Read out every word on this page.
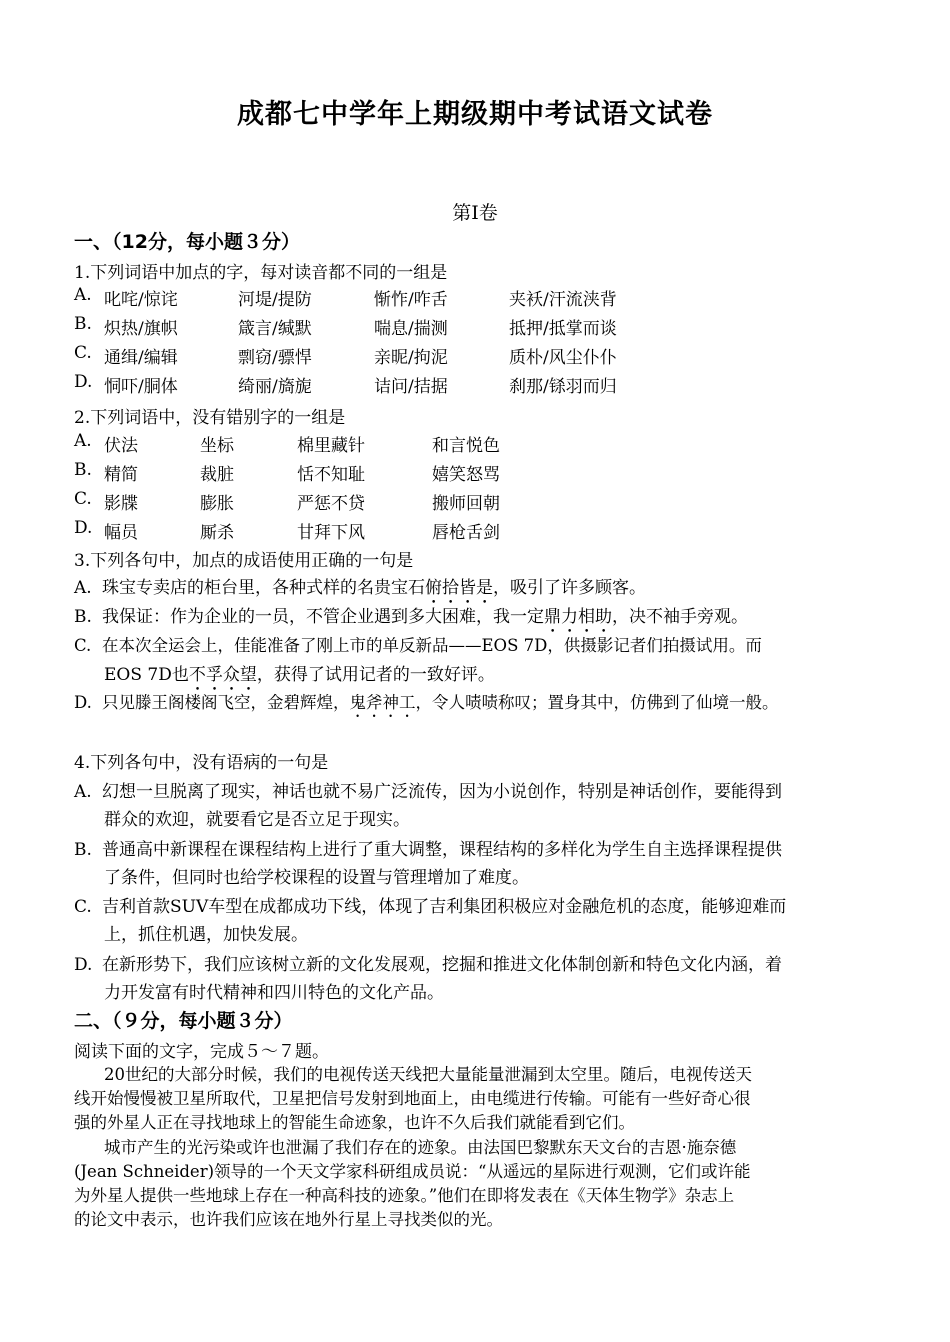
成都七中学年上期级期中考试语文试卷
第Ⅰ卷
一、（12分，每小题３分）
1.下列词语中加点的字，每对读音都不同的一组是
A. 叱咤/惊诧	河堤/提防	惭怍/咋舌	夹袄/汗流浃背
B. 炽热/旗帜	箴言/缄默	喘息/揣测	抵押/抵掌而谈
C. 通缉/编辑	剽窃/骠悍	亲昵/拘泥	质朴/风尘仆仆
D. 恫吓/胴体	绮丽/旖旎	诘问/拮据	刹那/铩羽而归
2.下列词语中，没有错别字的一组是
A. 伏法	坐标	棉里藏针	和言悦色
B. 精简	裁脏	恬不知耻	嬉笑怒骂
C. 影牒	膨胀	严惩不贷	搬师回朝
D. 幅员	厮杀	甘拜下风	唇枪舌剑
3.下列各句中，加点的成语使用正确的一句是
A. 珠宝专卖店的柜台里，各种式样的名贵宝石俯拾皆是，吸引了许多顾客。
B. 我保证：作为企业的一员，不管企业遇到多大困难，我一定鼎力相助，决不袖手旁观。
C. 在本次全运会上，佳能准备了刚上市的单反新品——EOS 7D，供摄影记者们拍摄试用。而
EOS 7D也不孚众望，获得了试用记者的一致好评。
D. 只见滕王阁楼阁飞空，金碧辉煌，鬼斧神工，令人啧啧称叹；置身其中，仿佛到了仙境一般。
4.下列各句中，没有语病的一句是
A. 幻想一旦脱离了现实，神话也就不易广泛流传，因为小说创作，特别是神话创作，要能得到
群众的欢迎，就要看它是否立足于现实。
B. 普通高中新课程在课程结构上进行了重大调整，课程结构的多样化为学生自主选择课程提供
了条件，但同时也给学校课程的设置与管理增加了难度。
C. 吉利首款SUV车型在成都成功下线，体现了吉利集团积极应对金融危机的态度，能够迎难而
上，抓住机遇，加快发展。
D. 在新形势下，我们应该树立新的文化发展观，挖掘和推进文化体制创新和特色文化内涵，着
力开发富有时代精神和四川特色的文化产品。
二、（９分，每小题３分）
阅读下面的文字，完成５～７题。
20世纪的大部分时候，我们的电视传送天线把大量能量泄漏到太空里。随后，电视传送天
线开始慢慢被卫星所取代，卫星把信号发射到地面上，由电缆进行传输。可能有一些好奇心很
强的外星人正在寻找地球上的智能生命迹象，也许不久后我们就能看到它们。
城市产生的光污染或许也泄漏了我们存在的迹象。由法国巴黎默东天文台的吉恩·施奈德
(Jean Schneider)领导的一个天文学家科研组成员说：“从遥远的星际进行观测，它们或许能
为外星人提供一些地球上存在一种高科技的迹象。”他们在即将发表在《天体生物学》杂志上
的论文中表示，也许我们应该在地外行星上寻找类似的光。
